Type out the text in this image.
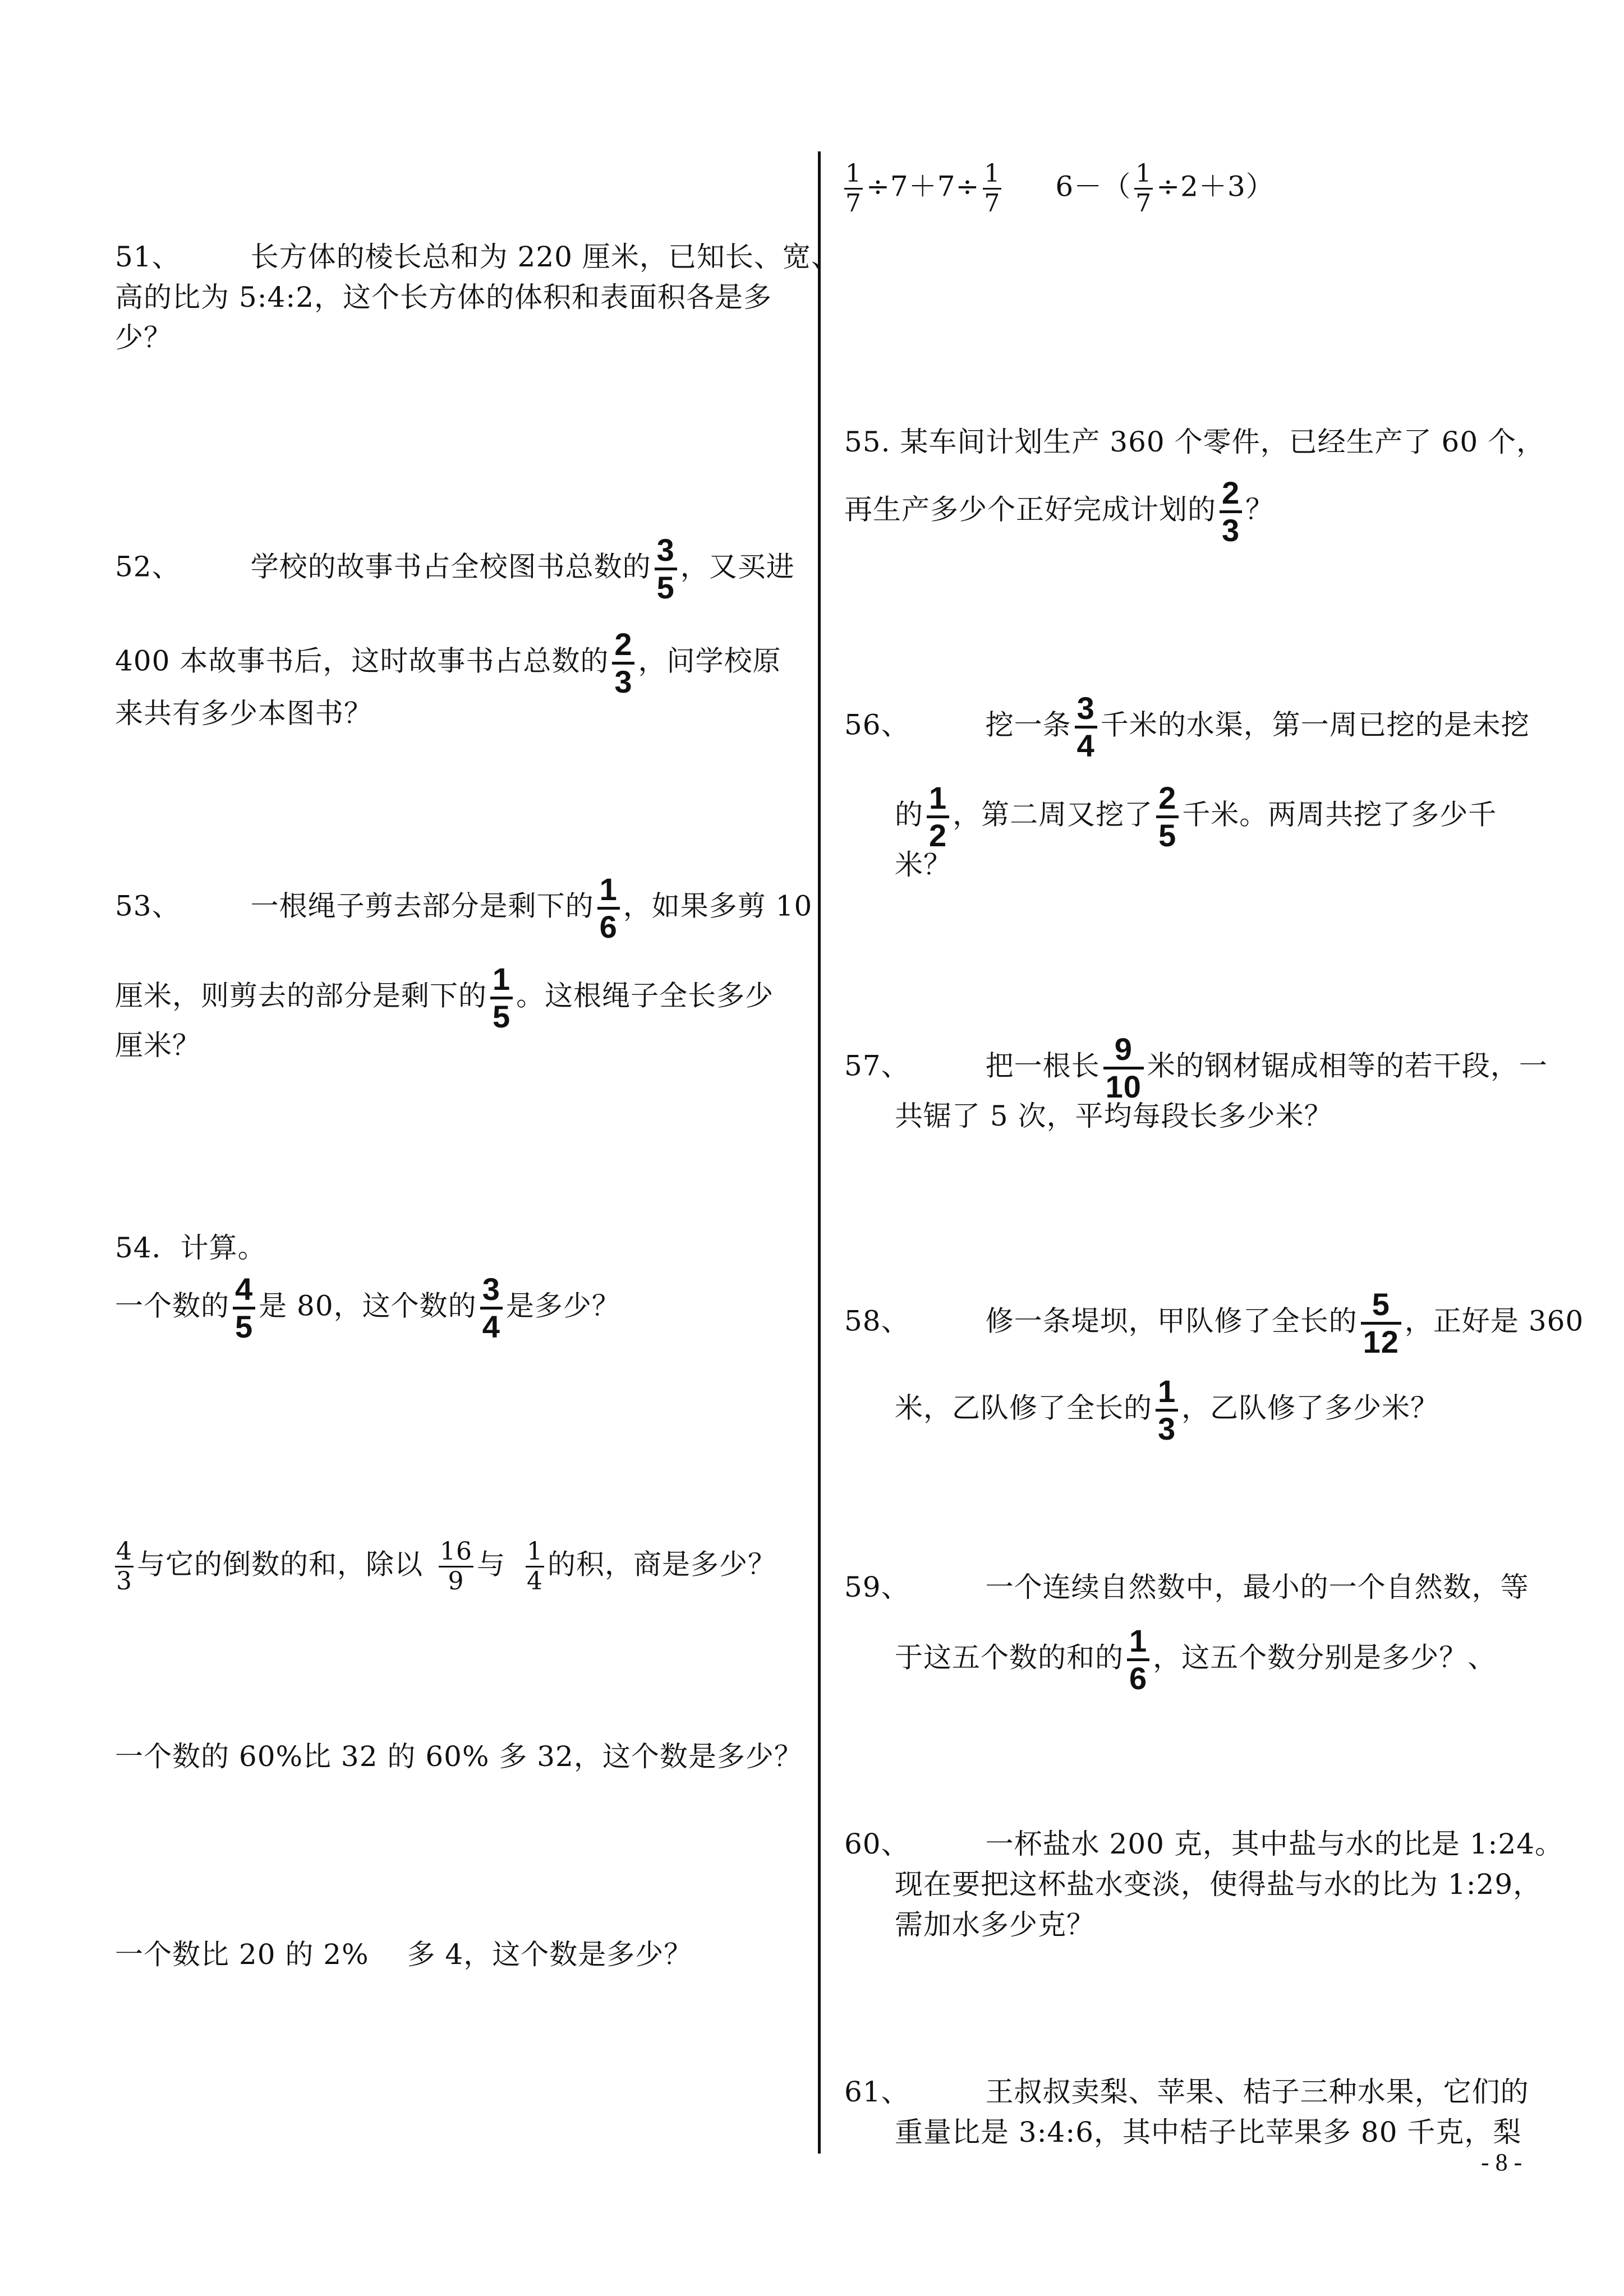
51、	长方体的棱长总和为 220 厘米，已知长、宽、
高的比为 5:4:2，这个长方体的体积和表面积各是多
少？
52、	学校的故事书占全校图书总数的 $\frac{3}{5}$ ，又买进
400 本故事书后，这时故事书占总数的 $\frac{2}{3}$ ，问学校原
来共有多少本图书？
53、	一根绳子剪去部分是剩下的 $\frac{1}{6}$ ，如果多剪 10
厘米，则剪去的部分是剩下的 $\frac{1}{5}$ 。这根绳子全长多少
厘米？
54．计算。
一个数的 $\frac{4}{5}$ 是 80，这个数的 $\frac{3}{4}$ 是多少？
$\frac{4}{3}$ 与它的倒数的和，除以 $\frac{16}{9}$ 与 $\frac{1}{4}$ 的积，商是多少？
一个数的 60%比 32 的 60% 多 32，这个数是多少？
一个数比 20 的 2%　 多 4，这个数是多少？
$\frac{1}{7} \div 7+7\div \frac{1}{7} 6-( \frac{1}{7} \div 2+3)$
55. 某车间计划生产 360 个零件，已经生产了 60 个，
再生产多少个正好完成计划的 $\frac{2}{3}$ ？
56、	挖一条 $\frac{3}{4}$ 千米的水渠，第一周已挖的是未挖
的 $\frac{1}{2}$ ，第二周又挖了 $\frac{2}{5}$ 千米。两周共挖了多少千
米？
57、	把一根长 $\frac{9}{10}$ 米的钢材锯成相等的若干段，一
共锯了 5 次，平均每段长多少米？
58、	修一条堤坝，甲队修了全长的 $\frac{5}{12}$ ，正好是 360
米，乙队修了全长的 $\frac{1}{3}$ ，乙队修了多少米？
59、	一个连续自然数中，最小的一个自然数，等
于这五个数的和的 $\frac{1}{6}$ ，这五个数分别是多少？、
60、	一杯盐水 200 克，其中盐与水的比是 1:24。
现在要把这杯盐水变淡，使得盐与水的比为 1:29，
需加水多少克？
61、	王叔叔卖梨、苹果、桔子三种水果，它们的
重量比是 3:4:6，其中桔子比苹果多 80 千克，梨
- 8 -
